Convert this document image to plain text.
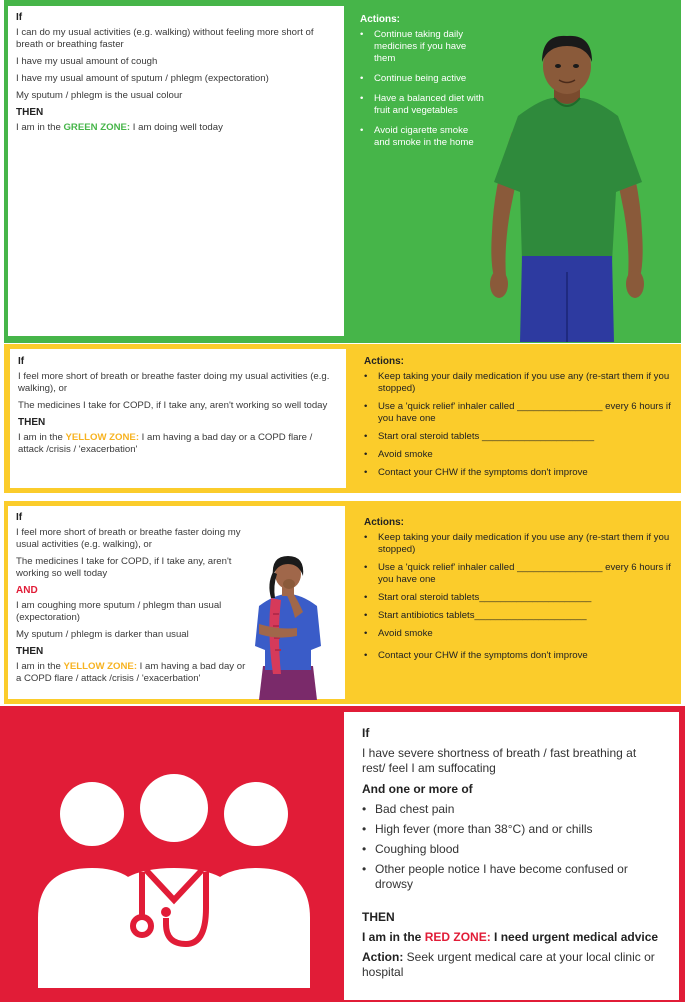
If

I can do my usual activities (e.g. walking) without feeling more short of breath or breathing faster

I have my usual amount of cough

I have my usual amount of sputum / phlegm (expectoration)

My sputum / phlegm is the usual colour

THEN

I am in the GREEN ZONE: I am doing well today

Actions:

• Continue taking daily medicines if you have them
• Continue being active
• Have a balanced diet with fruit and vegetables
• Avoid cigarette smoke and smoke in the home

If

I feel more short of breath or breathe faster doing my usual activities (e.g. walking), or

The medicines I take for COPD, if I take any, aren't working so well today

THEN

I am in the YELLOW ZONE: I am having a bad day or a COPD flare / attack /crisis / 'exacerbation'

Actions:

• Keep taking your daily medication if you use any (re-start them if you stopped)
• Use a 'quick relief' inhaler called ________________ every 6 hours if you have one
• Start oral steroid tablets _____________________
• Avoid smoke
• Contact your CHW if the symptoms don't improve

If

I feel more short of breath or breathe faster doing my usual activities (e.g. walking), or

The medicines I take for COPD, if I take any, aren't working so well today

AND

I am coughing more sputum / phlegm than usual (expectoration)

My sputum / phlegm is darker than usual

THEN

I am in the YELLOW ZONE: I am having a bad day or a COPD flare / attack /crisis / 'exacerbation'

Actions:

• Keep taking your daily medication if you use any (re-start them if you stopped)
• Use a 'quick relief' inhaler called ________________ every 6 hours if you have one
• Start oral steroid tablets_____________________
• Start antibiotics tablets_____________________
• Avoid smoke
• Contact your CHW if the symptoms don't improve

If

I have severe shortness of breath / fast breathing at rest/ feel I am suffocating

And one or more of

• Bad chest pain
• High fever (more than 38°C) and or chills
• Coughing blood
• Other people notice I have become confused or drowsy

THEN

I am in the RED ZONE: I need urgent medical advice

Action: Seek urgent medical care at your local clinic or hospital
